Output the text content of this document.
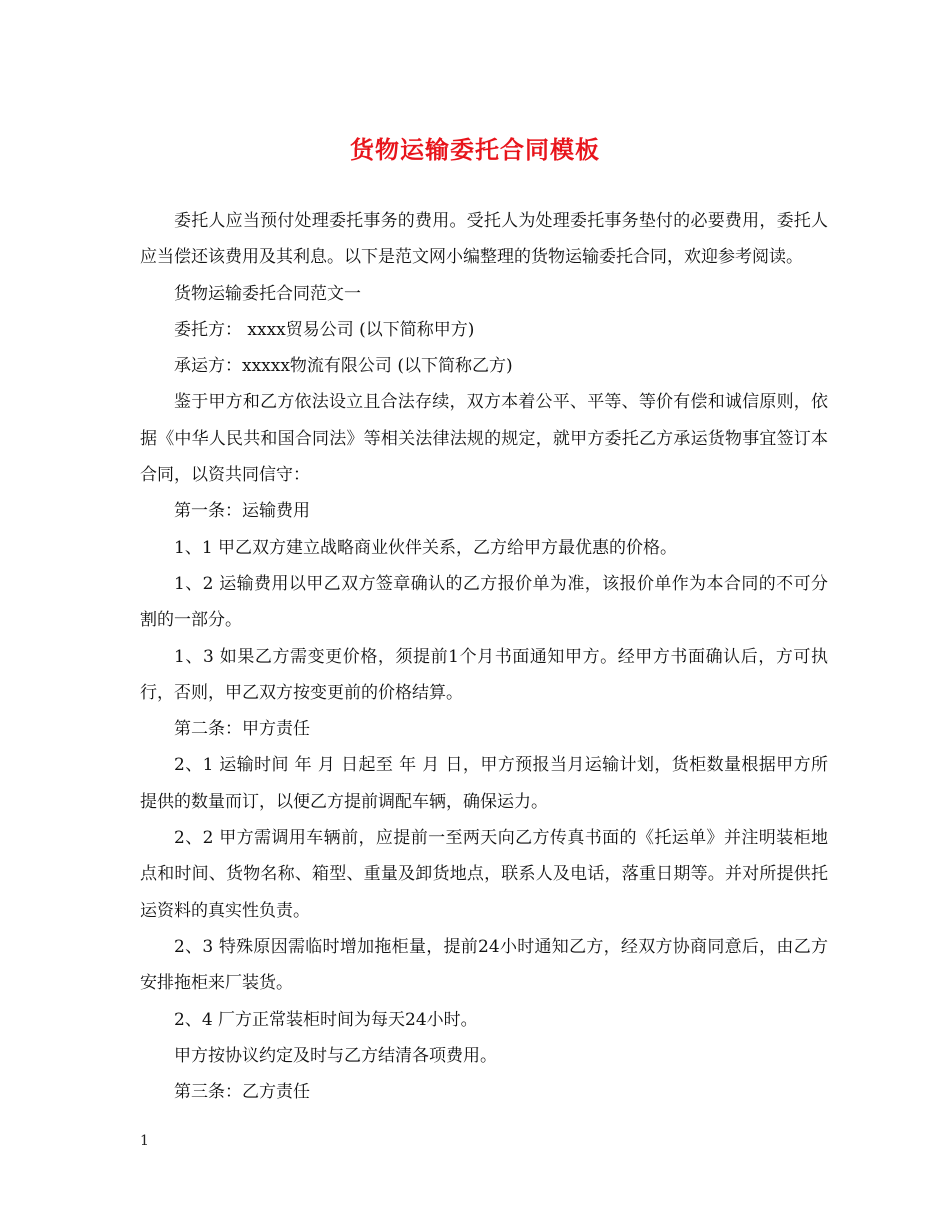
货物运输委托合同模板

委托人应当预付处理委托事务的费用。受托人为处理委托事务垫付的必要费用，委托人应当偿还该费用及其利息。以下是范文网小编整理的货物运输委托合同，欢迎参考阅读。

货物运输委托合同范文一

委托方： xxxx贸易公司 (以下简称甲方)

承运方：xxxxx物流有限公司 (以下简称乙方)

鉴于甲方和乙方依法设立且合法存续，双方本着公平、平等、等价有偿和诚信原则，依据《中华人民共和国合同法》等相关法律法规的规定，就甲方委托乙方承运货物事宜签订本合同，以资共同信守：

第一条：运输费用

1、1 甲乙双方建立战略商业伙伴关系，乙方给甲方最优惠的价格。

1、2 运输费用以甲乙双方签章确认的乙方报价单为准，该报价单作为本合同的不可分割的一部分。

1、3 如果乙方需变更价格，须提前1个月书面通知甲方。经甲方书面确认后，方可执行，否则，甲乙双方按变更前的价格结算。

第二条：甲方责任

2、1 运输时间 年 月 日起至 年 月 日，甲方预报当月运输计划，货柜数量根据甲方所提供的数量而订，以便乙方提前调配车辆，确保运力。

2、2 甲方需调用车辆前，应提前一至两天向乙方传真书面的《托运单》并注明装柜地点和时间、货物名称、箱型、重量及卸货地点，联系人及电话，落重日期等。并对所提供托运资料的真实性负责。

2、3 特殊原因需临时增加拖柜量，提前24小时通知乙方，经双方协商同意后，由乙方安排拖柜来厂装货。

2、4 厂方正常装柜时间为每天24小时。

甲方按协议约定及时与乙方结清各项费用。

第三条：乙方责任

1
